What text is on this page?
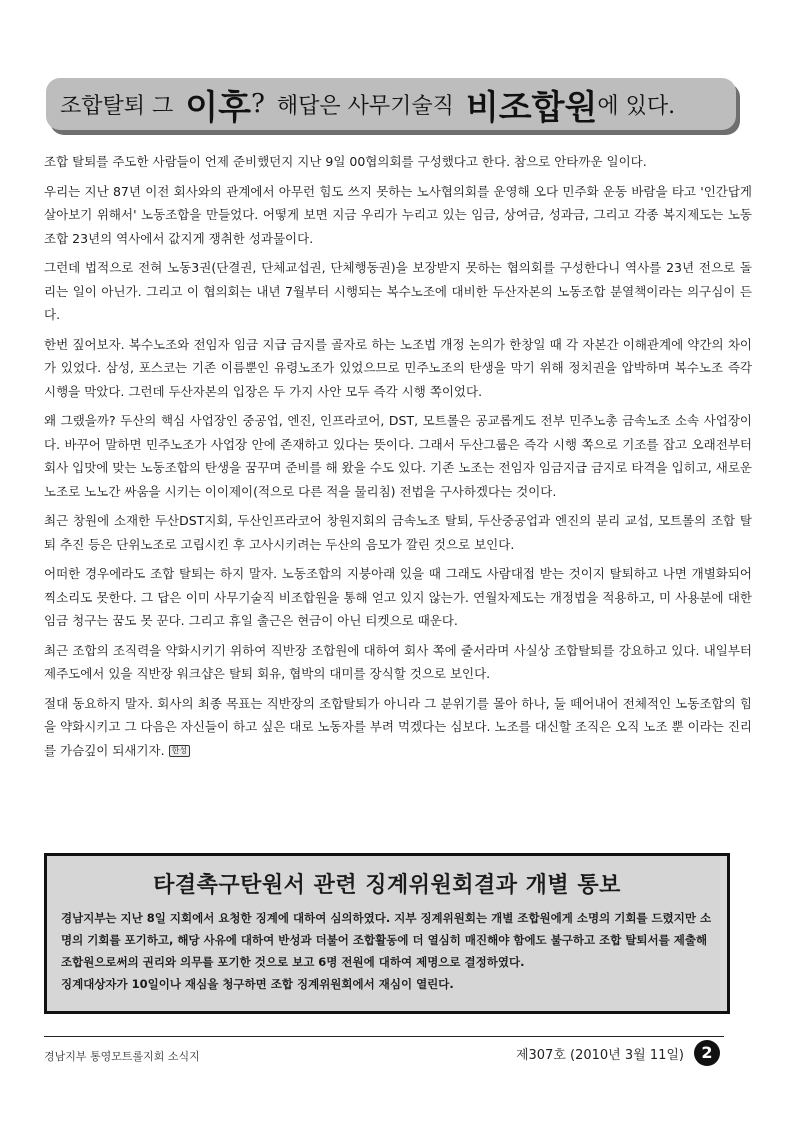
조합탈퇴 그 이후 ? 해답은 사무기술직 비조합원 에 있다.

조합 탈퇴를 주도한 사람들이 언제 준비했던지 지난 9일 00협의회를 구성했다고 한다. 참으로 안타까운 일이다.

우리는 지난 87년 이전 회사와의 관계에서 아무런 힘도 쓰지 못하는 노사협의회를 운영해 오다 민주화 운동 바람을 타고 '인간답게 살아보기 위해서' 노동조합을 만들었다. 어떻게 보면 지금 우리가 누리고 있는 임금, 상여금, 성과금, 그리고 각종 복지제도는 노동조합 23년의 역사에서 값지게 쟁취한 성과물이다.

그런데 법적으로 전혀 노동3권(단결권, 단체교섭권, 단체행동권)을 보장받지 못하는 협의회를 구성한다니 역사를 23년 전으로 돌리는 일이 아닌가. 그리고 이 협의회는 내년 7월부터 시행되는 복수노조에 대비한 두산자본의 노동조합 분열책이라는 의구심이 든다.

한번 짚어보자. 복수노조와 전임자 임금 지급 금지를 골자로 하는 노조법 개정 논의가 한창일 때 각 자본간 이해관계에 약간의 차이가 있었다. 삼성, 포스코는 기존 이름뿐인 유령노조가 있었으므로 민주노조의 탄생을 막기 위해 정치권을 압박하며 복수노조 즉각 시행을 막았다. 그런데 두산자본의 입장은 두 가지 사안 모두 즉각 시행 쪽이었다.

왜 그랬을까? 두산의 핵심 사업장인 중공업, 엔진, 인프라코어, DST, 모트롤은 공교롭게도 전부 민주노총 금속노조 소속 사업장이다. 바꾸어 말하면 민주노조가 사업장 안에 존재하고 있다는 뜻이다. 그래서 두산그룹은 즉각 시행 쪽으로 기조를 잡고 오래전부터 회사 입맛에 맞는 노동조합의 탄생을 꿈꾸며 준비를 해 왔을 수도 있다. 기존 노조는 전임자 임금지급 금지로 타격을 입히고, 새로운 노조로 노노간 싸움을 시키는 이이제이(적으로 다른 적을 물리침) 전법을 구사하겠다는 것이다.

최근 창원에 소재한 두산DST지회, 두산인프라코어 창원지회의 금속노조 탈퇴, 두산중공업과 엔진의 분리 교섭, 모트롤의 조합 탈퇴 추진 등은 단위노조로 고립시킨 후 고사시키려는 두산의 음모가 깔린 것으로 보인다.

어떠한 경우에라도 조합 탈퇴는 하지 말자. 노동조합의 지붕아래 있을 때 그래도 사람대접 받는 것이지 탈퇴하고 나면 개별화되어 찍소리도 못한다. 그 답은 이미 사무기술직 비조합원을 통해 얻고 있지 않는가. 연월차제도는 개정법을 적용하고, 미 사용분에 대한 임금 청구는 꿈도 못 꾼다. 그리고 휴일 출근은 현금이 아닌 티켓으로 때운다.

최근 조합의 조직력을 약화시키기 위하여 직반장 조합원에 대하여 회사 쪽에 줄서라며 사실상 조합탈퇴를 강요하고 있다. 내일부터 제주도에서 있을 직반장 워크샵은 탈퇴 회유, 협박의 대미를 장식할 것으로 보인다.

절대 동요하지 말자. 회사의 최종 목표는 직반장의 조합탈퇴가 아니라 그 분위기를 몰아 하나, 둘 떼어내어 전체적인 노동조합의 힘을 약화시키고 그 다음은 자신들이 하고 싶은 대로 노동자를 부려 먹겠다는 심보다. 노조를 대신할 조직은 오직 노조 뿐 이라는 진리를 가슴깊이 되새기자. 한성

타결촉구탄원서 관련 징계위원회결과 개별 통보

경남지부는 지난 8일 지회에서 요청한 징계에 대하여 심의하였다. 지부 징계위원회는 개별 조합원에게 소명의 기회를 드렸지만 소명의 기회를 포기하고, 해당 사유에 대하여 반성과 더불어 조합활동에 더 열심히 매진해야 함에도 불구하고 조합 탈퇴서를 제출해 조합원으로써의 권리와 의무를 포기한 것으로 보고 6명 전원에 대하여 제명으로 결정하였다.

징계대상자가 10일이나 재심을 청구하면 조합 징계위원회에서 재심이 열린다.

경남지부 통영모트롤지회 소식지	제307호 (2010년 3월 11일)	2
